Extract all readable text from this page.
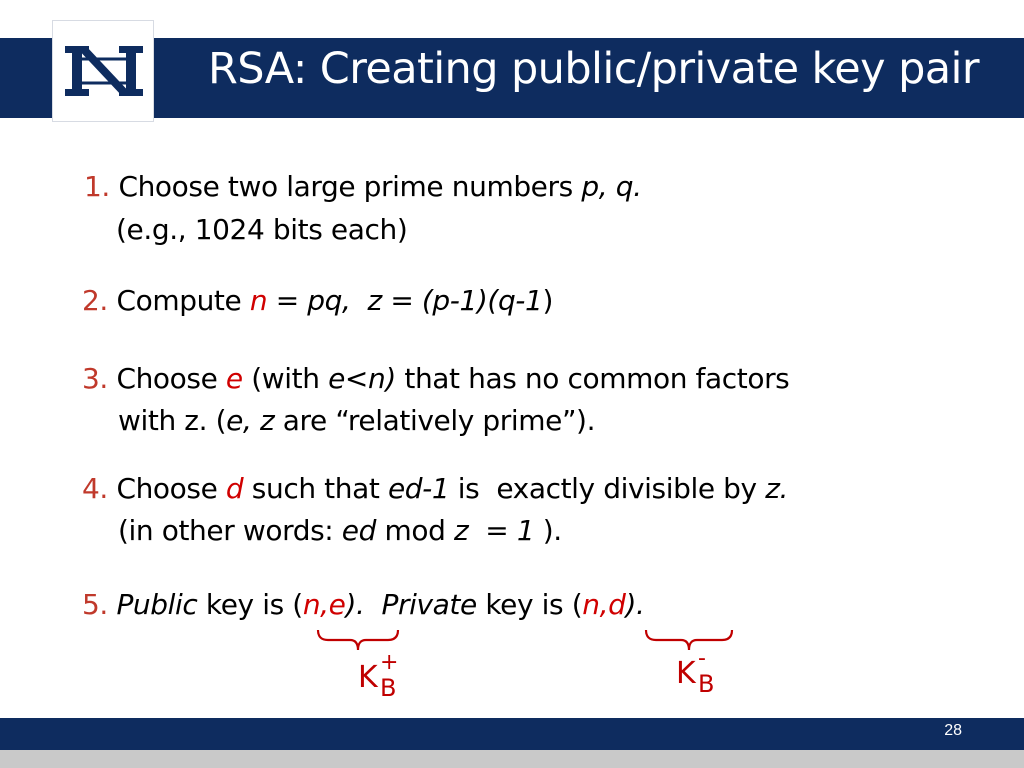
N
RSA: Creating public/private key pair
1. Choose two large prime numbers p, q.
(e.g., 1024 bits each)
2. Compute n = pq, z = (p-1)(q-1)
3. Choose e (with e<n) that has no common factors
with z. (e, z are “relatively prime”).
4. Choose d such that ed-1 is  exactly divisible by z.
(in other words: ed mod z  = 1 ).
5. Public key is (n,e).  Private key is (n,d).
K +
B	K -
B
28
